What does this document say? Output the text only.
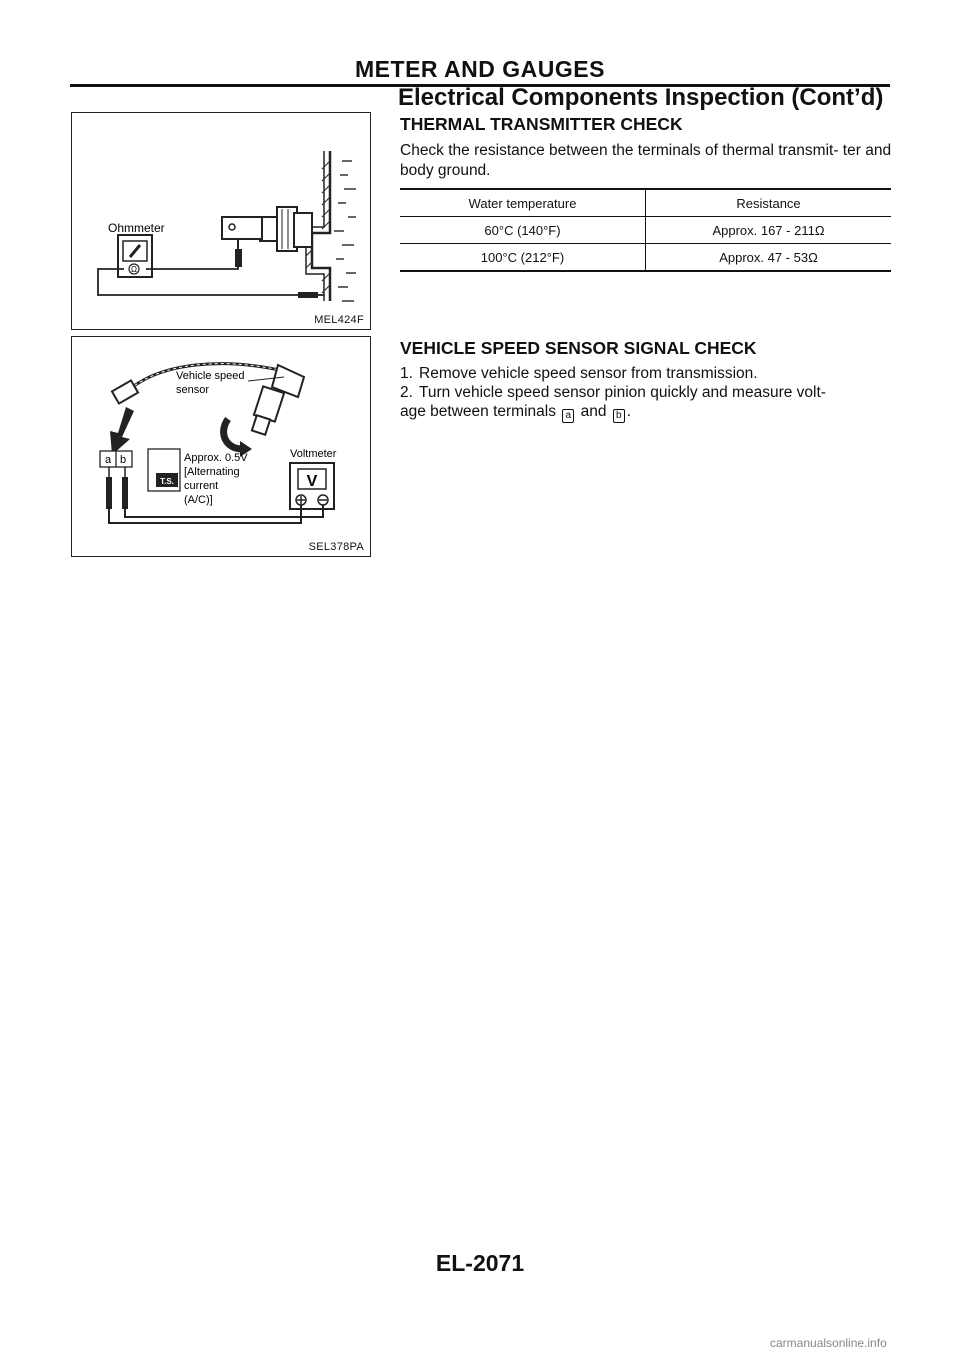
METER AND GAUGES
Electrical Components Inspection (Cont’d)
Ω
Ohmmeter
MEL424F
Vehicle speed
sensor
a b
T.S.
Approx. 0.5V
[Alternating
current
(A/C)]
Voltmeter
V
SEL378PA
THERMAL TRANSMITTER CHECK
Check the resistance between the terminals of thermal transmit- ter and body ground.
Water temperature	Resistance
60°C (140°F)	Approx. 167 - 211Ω
100°C (212°F)	Approx. 47 - 53Ω
VEHICLE SPEED SENSOR SIGNAL CHECK
1. Remove vehicle speed sensor from transmission.
2. Turn vehicle speed sensor pinion quickly and measure volt-
age between terminals a and b .
EL-2071
carmanualsonline.info
